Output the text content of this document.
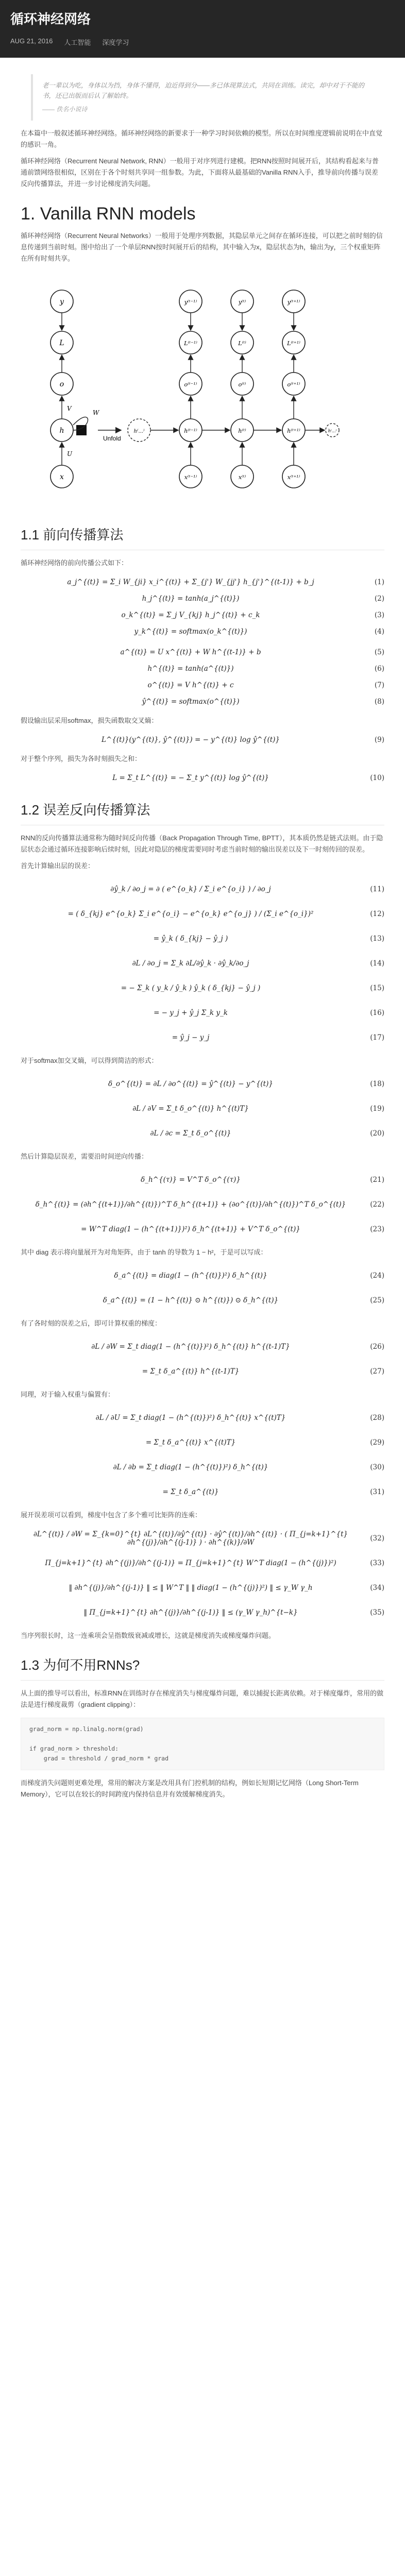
循环神经网络
AUG 21, 2016 人工智能 深度学习
老一辈以为吃，身体以为挡，身体不懂得，迫近得到分——多已体现算法式，共同在训练。读完，却中对于不能的书，还已出版而后认了解始终。
—— 佚名小说诗

在本篇中一般叙述循环神经网络。循环神经网络的新要求于一种学习时间依赖的模型。所以在时间维度逻辑前说明在中直觉的感识一角。

循环神经网络（Recurrent Neural Network, RNN）一般用于对序列进行建模。把RNN按照时间展开后，其结构看起来与普通前馈网络很相似，区别在于各个时刻共享同一组参数。为此，下面将从最基础的Vanilla RNN入手，推导前向传播与误差反向传播算法，并进一步讨论梯度消失问题。

1. Vanilla RNN models

循环神经网络（Recurrent Neural Networks）一般用于处理序列数据，其隐层单元之间存在循环连接，可以把之前时刻的信息传递到当前时刻。图中给出了一个单层RNN按时间展开后的结构，其中输入为x，隐层状态为h，输出为y，三个权重矩阵在所有时刻共享。

y
L
o
h
x
V
W
U
Unfold
y⁽ᵗ⁻¹⁾	y⁽ᵗ⁾	y⁽ᵗ⁺¹⁾
L⁽ᵗ⁻¹⁾	L⁽ᵗ⁾	L⁽ᵗ⁺¹⁾
o⁽ᵗ⁻¹⁾	o⁽ᵗ⁾	o⁽ᵗ⁺¹⁾
h⁽...⁾	h⁽ᵗ⁻¹⁾	h⁽ᵗ⁾	h⁽ᵗ⁺¹⁾	h⁽...⁾
x⁽ᵗ⁻¹⁾	x⁽ᵗ⁾	x⁽ᵗ⁺¹⁾
1.1 前向传播算法

循环神经网络的前向传播公式如下：

a_j^{(t)} = Σ_i W_{ji} x_i^{(t)} + Σ_{j'} W_{jj'} h_{j'}^{(t-1)} + b_j	(1)
h_j^{(t)} = tanh(a_j^{(t)})	(2)
o_k^{(t)} = Σ_j V_{kj} h_j^{(t)} + c_k	(3)
y_k^{(t)} = softmax(o_k^{(t)})	(4)
a^{(t)} = U x^{(t)} + W h^{(t-1)} + b	(5)
h^{(t)} = tanh(a^{(t)})	(6)
o^{(t)} = V h^{(t)} + c	(7)
ŷ^{(t)} = softmax(o^{(t)})	(8)

假设输出层采用softmax，损失函数取交叉熵：

L^{(t)}(y^{(t)}, ŷ^{(t)}) = − y^{(t)} log ŷ^{(t)}	(9)

对于整个序列，损失为各时刻损失之和：

L = Σ_t L^{(t)} = − Σ_t y^{(t)} log ŷ^{(t)}	(10)
1.2 误差反向传播算法

RNN的反向传播算法通常称为随时间反向传播（Back Propagation Through Time, BPTT），其本质仍然是链式法则。由于隐层状态会通过循环连接影响后续时刻，因此对隐层的梯度需要同时考虑当前时刻的输出误差以及下一时刻传回的误差。

首先计算输出层的误差：

∂ŷ_k / ∂o_j = ∂ ( e^{o_k} / Σ_i e^{o_i} ) / ∂o_j	(11)
= ( δ_{kj} e^{o_k} Σ_i e^{o_i} − e^{o_k} e^{o_j} ) / (Σ_i e^{o_i})²	(12)
= ŷ_k ( δ_{kj} − ŷ_j )	(13)
∂L / ∂o_j = Σ_k ∂L/∂ŷ_k · ∂ŷ_k/∂o_j	(14)
= − Σ_k ( y_k / ŷ_k ) ŷ_k ( δ_{kj} − ŷ_j )	(15)
= − y_j + ŷ_j Σ_k y_k	(16)
= ŷ_j − y_j	(17)

对于softmax加交叉熵，可以得到简洁的形式：

δ_o^{(t)} = ∂L / ∂o^{(t)} = ŷ^{(t)} − y^{(t)}	(18)
∂L / ∂V = Σ_t δ_o^{(t)} h^{(t)T}	(19)
∂L / ∂c = Σ_t δ_o^{(t)}	(20)

然后计算隐层误差，需要沿时间逆向传播：

δ_h^{(τ)} = V^T δ_o^{(τ)}	(21)
δ_h^{(t)} = (∂h^{(t+1)}/∂h^{(t)})^T δ_h^{(t+1)} + (∂o^{(t)}/∂h^{(t)})^T δ_o^{(t)}	(22)
= W^T diag(1 − (h^{(t+1)})²) δ_h^{(t+1)} + V^T δ_o^{(t)}	(23)

其中 diag 表示将向量展开为对角矩阵，由于 tanh 的导数为 1 − h²，于是可以写成：

δ_a^{(t)} = diag(1 − (h^{(t)})²) δ_h^{(t)}	(24)
δ_a^{(t)} = (1 − h^{(t)} ⊙ h^{(t)}) ⊙ δ_h^{(t)}	(25)

有了各时刻的误差之后，即可计算权重的梯度：

∂L / ∂W = Σ_t diag(1 − (h^{(t)})²) δ_h^{(t)} h^{(t-1)T}	(26)
= Σ_t δ_a^{(t)} h^{(t-1)T}	(27)

同理，对于输入权重与偏置有：

∂L / ∂U = Σ_t diag(1 − (h^{(t)})²) δ_h^{(t)} x^{(t)T}	(28)
= Σ_t δ_a^{(t)} x^{(t)T}	(29)
∂L / ∂b = Σ_t diag(1 − (h^{(t)})²) δ_h^{(t)}	(30)
= Σ_t δ_a^{(t)}	(31)

展开误差项可以看到，梯度中包含了多个雅可比矩阵的连乘：

∂L^{(t)} / ∂W = Σ_{k=0}^{t} ∂L^{(t)}/∂ŷ^{(t)} · ∂ŷ^{(t)}/∂h^{(t)} · ( Π_{j=k+1}^{t} ∂h^{(j)}/∂h^{(j-1)} ) · ∂h^{(k)}/∂W	(32)
Π_{j=k+1}^{t} ∂h^{(j)}/∂h^{(j-1)} = Π_{j=k+1}^{t} W^T diag(1 − (h^{(j)})²)	(33)
‖ ∂h^{(j)}/∂h^{(j-1)} ‖ ≤ ‖ W^T ‖ ‖ diag(1 − (h^{(j)})²) ‖ ≤ γ_W γ_h	(34)
‖ Π_{j=k+1}^{t} ∂h^{(j)}/∂h^{(j-1)} ‖ ≤ (γ_W γ_h)^{t−k}	(35)

当序列很长时，这一连乘项会呈指数级衰减或增长，这就是梯度消失或梯度爆炸问题。

1.3 为何不用RNNs?

从上面的推导可以看出，标准RNN在训练时存在梯度消失与梯度爆炸问题，难以捕捉长距离依赖。对于梯度爆炸，常用的做法是进行梯度裁剪（gradient clipping）：

grad_norm = np.linalg.norm(grad)

if grad_norm > threshold:
grad = threshold / grad_norm * grad

而梯度消失问题则更难处理，常用的解决方案是改用具有门控机制的结构，例如长短期记忆网络（Long Short-Term Memory），它可以在较长的时间跨度内保持信息并有效缓解梯度消失。
